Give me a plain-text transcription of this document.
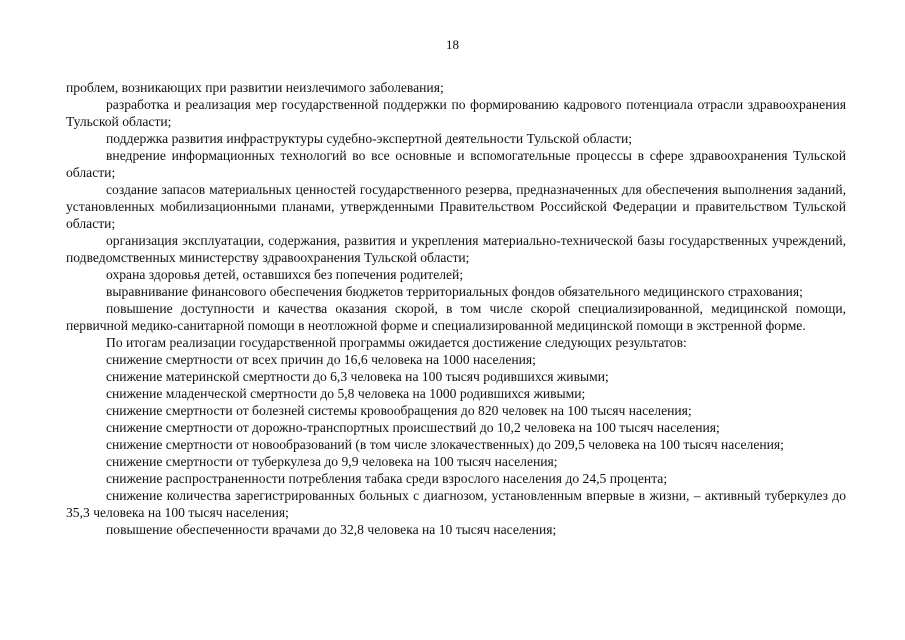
18

проблем, возникающих при развитии неизлечимого заболевания;

разработка и реализация мер государственной поддержки по формированию кадрового потенциала отрасли здравоохранения Тульской области;

поддержка развития инфраструктуры судебно-экспертной деятельности Тульской области;

внедрение информационных технологий во все основные и вспомогательные процессы в сфере здравоохранения Тульской области;

создание запасов материальных ценностей государственного резерва, предназначенных для обеспечения выполнения заданий, установленных мобилизационными планами, утвержденными Правительством Российской Федерации и правительством Тульской области;

организация эксплуатации, содержания, развития и укрепления материально-технической базы государственных учреждений, подведомственных министерству здравоохранения Тульской области;

охрана здоровья детей, оставшихся без попечения родителей;

выравнивание финансового обеспечения бюджетов территориальных фондов обязательного медицинского страхования;

повышение доступности и качества оказания скорой, в том числе скорой специализированной, медицинской помощи, первичной медико-санитарной помощи в неотложной форме и специализированной медицинской помощи в экстренной форме.

По итогам реализации государственной программы ожидается достижение следующих результатов:

снижение смертности от всех причин до 16,6 человека на 1000 населения;

снижение материнской смертности до 6,3 человека на 100 тысяч родившихся живыми;

снижение младенческой смертности до 5,8 человека на 1000 родившихся живыми;

снижение смертности от болезней системы кровообращения до 820 человек на 100 тысяч населения;

снижение смертности от дорожно-транспортных происшествий до 10,2 человека на 100 тысяч населения;

снижение смертности от новообразований (в том числе злокачественных) до 209,5 человека на 100 тысяч населения;

снижение смертности от туберкулеза до 9,9 человека на 100 тысяч населения;

снижение распространенности потребления табака среди взрослого населения до 24,5 процента;

снижение количества зарегистрированных больных с диагнозом, установленным впервые в жизни, – активный туберкулез до 35,3 человека на 100 тысяч населения;

повышение обеспеченности врачами до 32,8 человека на 10 тысяч населения;
